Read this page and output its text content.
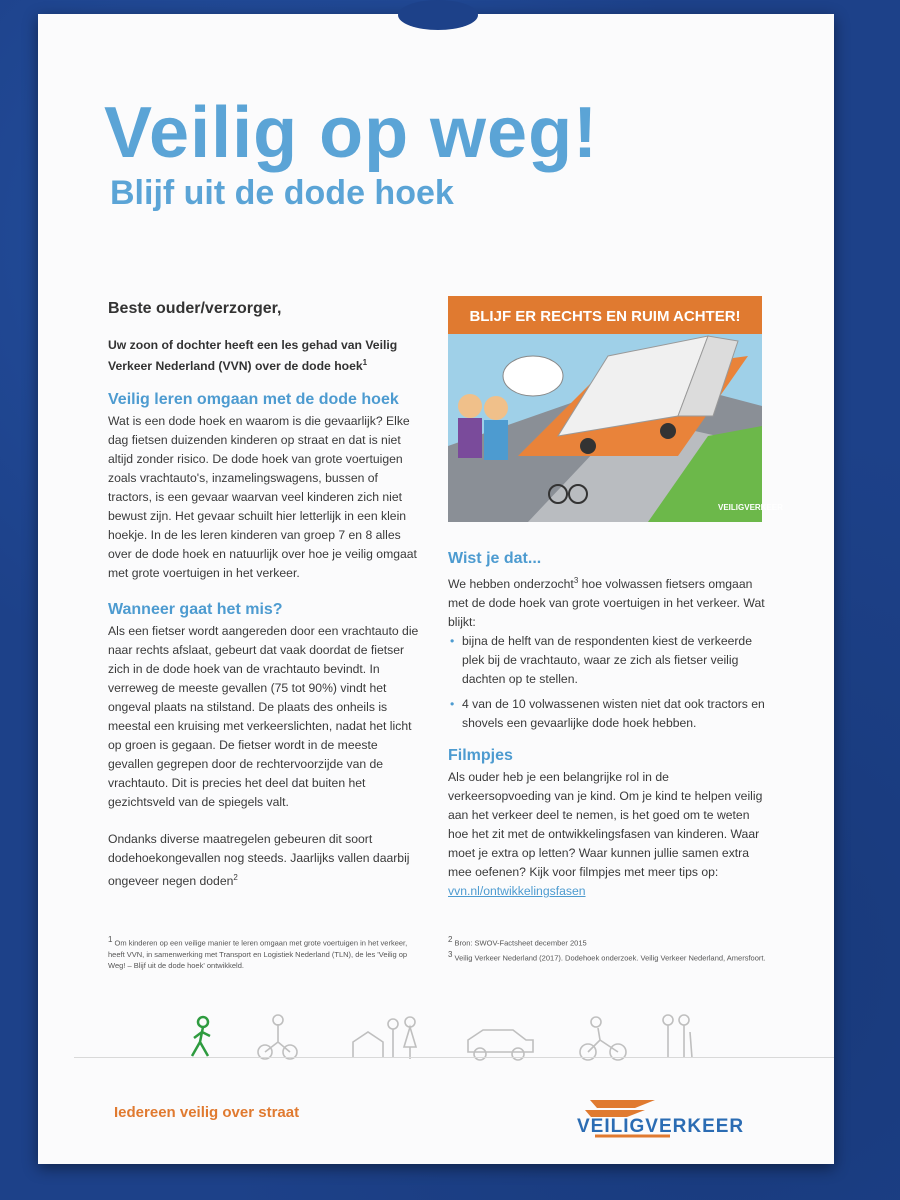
Veilig op weg!
Blijf uit de dode hoek
Beste ouder/verzorger,
Uw zoon of dochter heeft een les gehad van Veilig Verkeer Nederland (VVN) over de dode hoek$^1$
Veilig leren omgaan met de dode hoek

Wat is een dode hoek en waarom is die gevaarlijk? Elke dag fietsen duizenden kinderen op straat en dat is niet altijd zonder risico. De dode hoek van grote voertuigen zoals vrachtauto's, inzamelingswagens, bussen of tractors, is een gevaar waarvan veel kinderen zich niet bewust zijn. Het gevaar schuilt hier letterlijk in een klein hoekje. In de les leren kinderen van groep 7 en 8 alles over de dode hoek en natuurlijk over hoe je veilig omgaat met grote voertuigen in het verkeer.

Wanneer gaat het mis?

Als een fietser wordt aangereden door een vrachtauto die naar rechts afslaat, gebeurt dat vaak doordat de fietser zich in de dode hoek van de vrachtauto bevindt. In verreweg de meeste gevallen (75 tot 90%) vindt het ongeval plaats na stilstand. De plaats des onheils is meestal een kruising met verkeerslichten, nadat het licht op groen is gegaan. De fietser wordt in de meeste gevallen gegrepen door de rechtervoorzijde van de vrachtauto. Dit is precies het deel dat buiten het gezichtsveld van de spiegels valt.

Ondanks diverse maatregelen gebeuren dit soort dodehoekongevallen nog steeds. Jaarlijks vallen daarbij ongeveer negen doden$^2$

BLIJF ER RECHTS EN RUIM ACHTER!
VEILIGVERKEER
Wist je dat...
We hebben onderzocht$^3$ hoe volwassen fietsers omgaan met de dode hoek van grote voertuigen in het verkeer. Wat blijkt:
• bijna de helft van de respondenten kiest de verkeerde plek bij de vrachtauto, waar ze zich als fietser veilig dachten op te stellen.
• 4 van de 10 volwassenen wisten niet dat ook tractors en shovels een gevaarlijke dode hoek hebben.
Filmpjes
Als ouder heb je een belangrijke rol in de verkeersopvoeding van je kind. Om je kind te helpen veilig aan het verkeer deel te nemen, is het goed om te weten hoe het zit met de ontwikkelingsfasen van kinderen. Waar moet je extra op letten? Waar kunnen jullie samen extra mee oefenen? Kijk voor filmpjes met meer tips op:
vvn.nl/ontwikkelingsfasen
$^1$ Om kinderen op een veilige manier te leren omgaan met grote voertuigen in het verkeer, heeft VVN, in samenwerking met Transport en Logistiek Nederland (TLN), de les 'Veilig op Weg! – Blijf uit de dode hoek' ontwikkeld.
$^2$ Bron: SWOV-Factsheet december 2015
$^3$ Veilig Verkeer Nederland (2017). Dodehoek onderzoek. Veilig Verkeer Nederland, Amersfoort.
Iedereen veilig over straat
VEILIGVERKEER
